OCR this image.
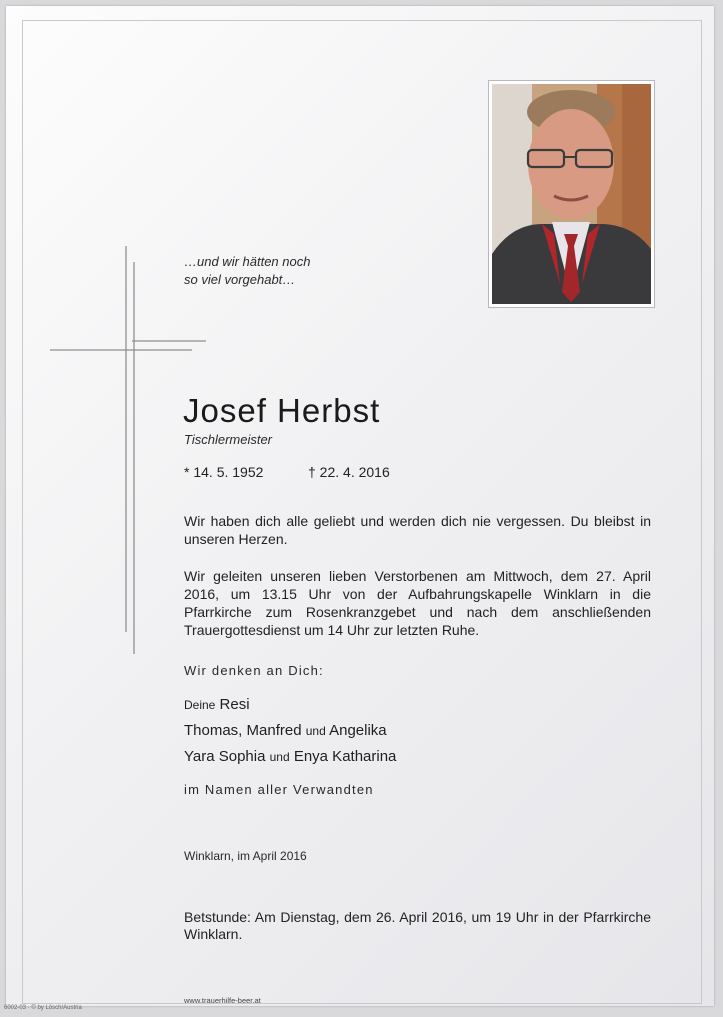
…und wir hätten noch
so viel vorgehabt…
Josef Herbst
Tischlermeister
* 14. 5. 1952	† 22. 4. 2016
Wir haben dich alle geliebt und werden dich nie vergessen. Du bleibst in unseren Herzen.
Wir geleiten unseren lieben Verstorbenen am Mittwoch, dem 27. April 2016, um 13.15 Uhr von der Aufbahrungskapelle Winklarn in die Pfarrkirche zum Rosenkranzgebet und nach dem anschließenden Trauergottesdienst um 14 Uhr zur letzten Ruhe.
Wir denken an Dich:
Deine Resi
Thomas, Manfred und Angelika
Yara Sophia und Enya Katharina
im Namen aller Verwandten
Winklarn, im April 2016
Betstunde: Am Dienstag, dem 26. April 2016, um 19 Uhr in der Pfarrkirche Winklarn.
www.trauerhilfe-beer.at
6002-03 · © by Lösch/Austria
